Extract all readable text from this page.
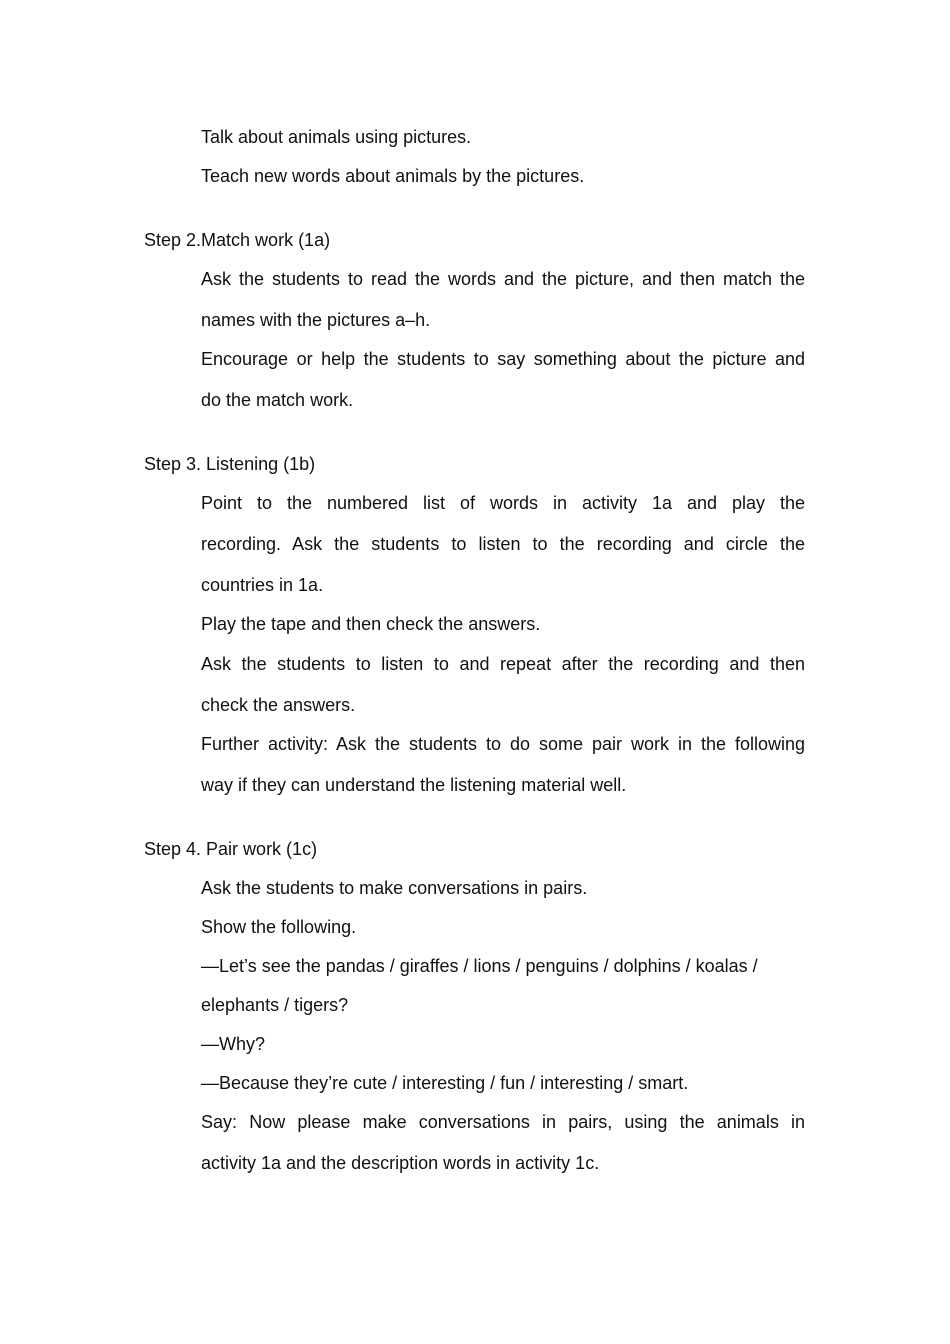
Talk about animals using pictures.
Teach new words about animals by the pictures.
Step 2.Match work (1a)
Ask the students to read the words and the picture, and then match the
names with the pictures a–h.
Encourage or help the students to say something about the picture and
do the match work.
Step 3. Listening (1b)
Point to the numbered list of words in activity 1a and play the
recording. Ask the students to listen to the recording and circle the
countries in 1a.
Play the tape and then check the answers.
Ask the students to listen to and repeat after the recording and then
check the answers.
Further activity: Ask the students to do some pair work in the following
way if they can understand the listening material well.
Step 4. Pair work (1c)
Ask the students to make conversations in pairs.
Show the following.
—Let’s see the pandas / giraffes / lions / penguins / dolphins / koalas /
elephants / tigers?
—Why?
—Because they’re cute / interesting / fun / interesting / smart.
Say: Now please make conversations in pairs, using the animals in
activity 1a and the description words in activity 1c.
